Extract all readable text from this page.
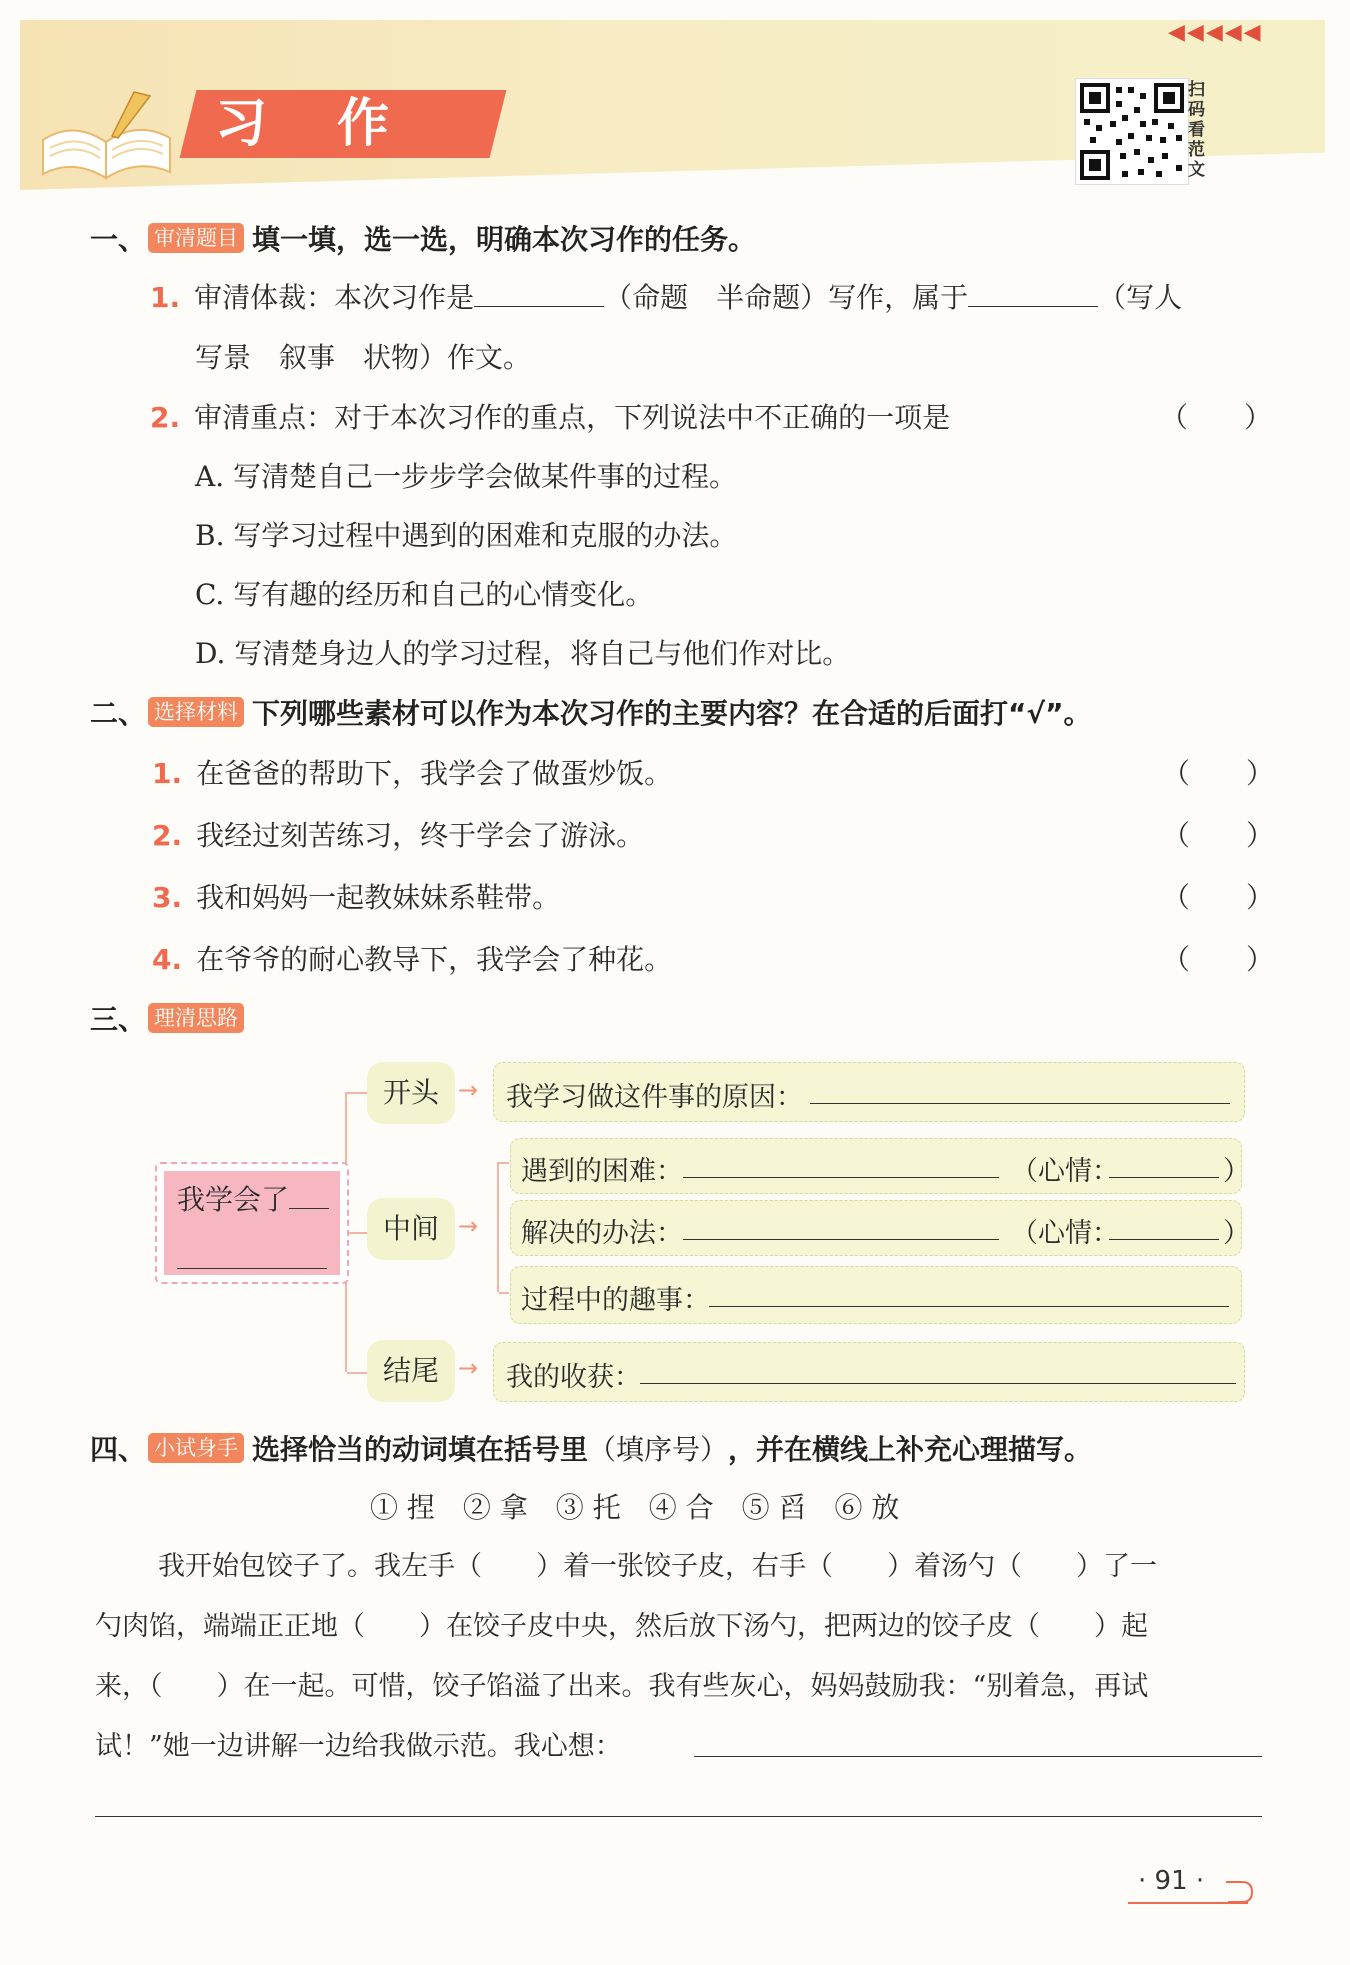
习作
◀◀◀◀◀
扫码看范文
一、 审清题目 填一填，选一选，明确本次习作的任务。
1. 审清体裁：本次习作是	（命题　半命题）写作，属于	（写人
写景　叙事　状物）作文。
2. 审清重点：对于本次习作的重点，下列说法中不正确的一项是	（　　）
A. 写清楚自己一步步学会做某件事的过程。
B. 写学习过程中遇到的困难和克服的办法。
C. 写有趣的经历和自己的心情变化。
D. 写清楚身边人的学习过程，将自己与他们作对比。
二、 选择材料 下列哪些素材可以作为本次习作的主要内容？在合适的后面打“√”。
1. 在爸爸的帮助下，我学会了做蛋炒饭。	（　　）
2. 我经过刻苦练习，终于学会了游泳。	（　　）
3. 我和妈妈一起教妹妹系鞋带。	（　　）
4. 在爷爷的耐心教导下，我学会了种花。	（　　）
三、 理清思路
我学会了
开头
中间
结尾
→
→
→
我学习做这件事的原因：
遇到的困难：	（心情：	）
解决的办法：	（心情：	）
过程中的趣事：
我的收获：
四、 小试身手 选择恰当的动词填在括号里 （填序号） ，并在横线上补充心理描写。
① 捏　② 拿　③ 托　④ 合　⑤ 舀　⑥ 放
我开始包饺子了。我左手（　　）着一张饺子皮，右手（　　）着汤勺（　　）了一
勺肉馅，端端正正地（　　）在饺子皮中央，然后放下汤勺，把两边的饺子皮（　　）起
来，（　　）在一起。可惜，饺子馅溢了出来。我有些灰心，妈妈鼓励我：“别着急，再试
试！”她一边讲解一边给我做示范。我心想：
· 91 ·
